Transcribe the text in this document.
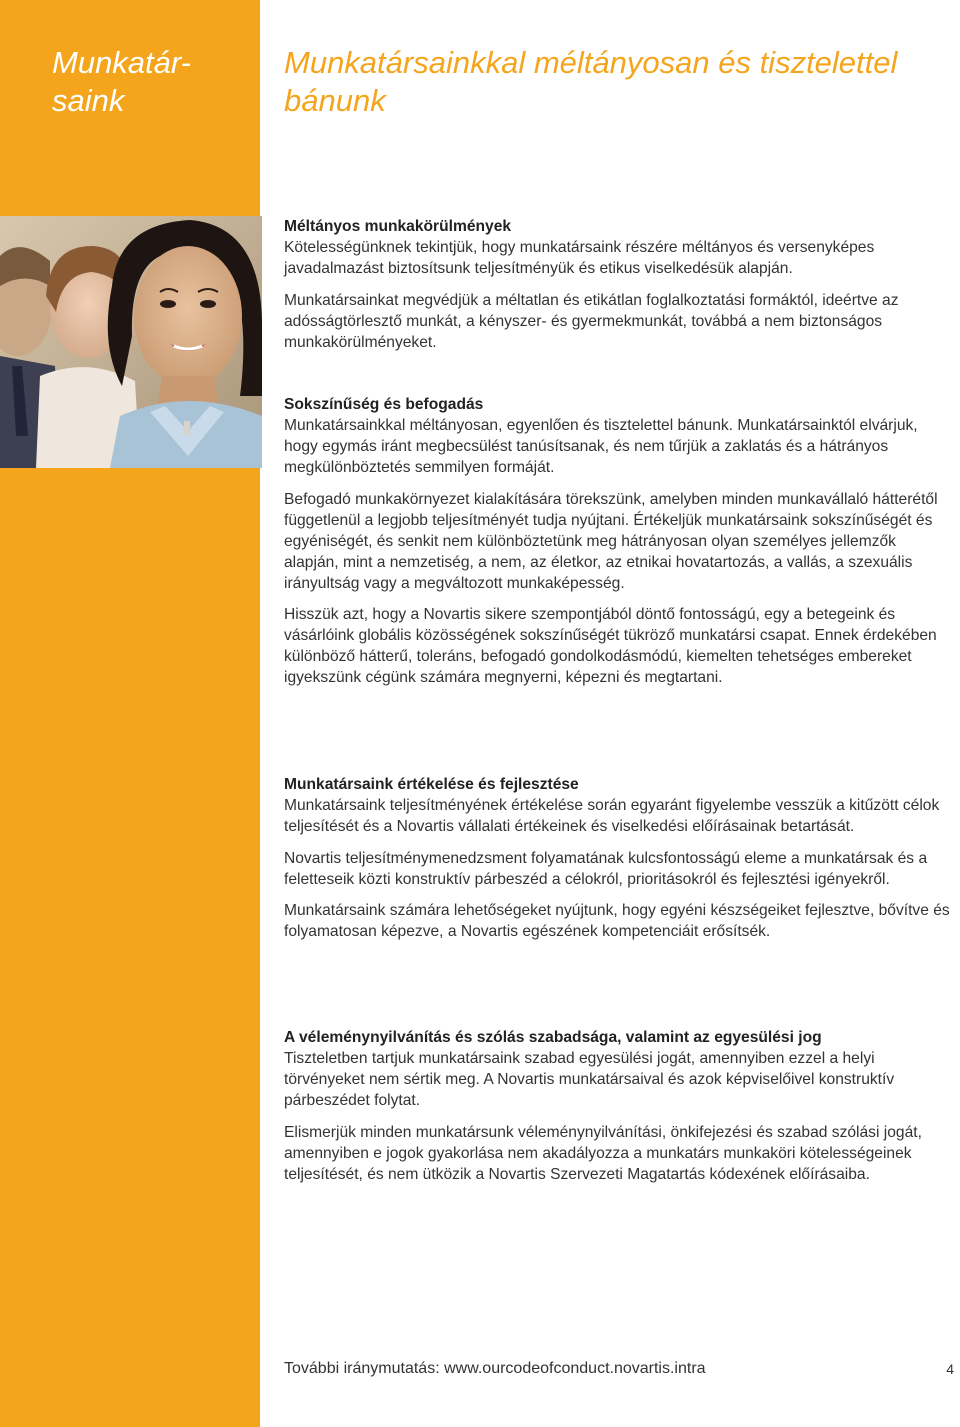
Munkatár-saink
Munkatársainkkal méltányosan és tisztelettel bánunk
Méltányos munkakörülmények

Kötelességünknek tekintjük, hogy munkatársaink részére méltányos és versenyképes javadalmazást biztosítsunk teljesítményük és etikus viselkedésük alapján.

Munkatársainkat megvédjük a méltatlan és etikátlan foglalkoztatási formáktól, ideértve az adósságtörlesztő munkát, a kényszer- és gyermekmunkát, továbbá a nem biztonságos munkakörülményeket.

Sokszínűség és befogadás

Munkatársainkkal méltányosan, egyenlően és tisztelettel bánunk. Munkatársainktól elvárjuk, hogy egymás iránt megbecsülést tanúsítsanak, és nem tűrjük a zaklatás és a hátrányos megkülönböztetés semmilyen formáját.

Befogadó munkakörnyezet kialakítására törekszünk, amelyben minden munkavállaló hátterétől függetlenül a legjobb teljesítményét tudja nyújtani. Értékeljük munkatársaink sokszínűségét és egyéniségét, és senkit nem különböztetünk meg hátrányosan olyan személyes jellemzők alapján, mint a nemzetiség, a nem, az életkor, az etnikai hovatartozás, a vallás, a szexuális irányultság vagy a megváltozott munkaképesség.

Hisszük azt, hogy a Novartis sikere szempontjából döntő fontosságú, egy a betegeink és vásárlóink globális közösségének sokszínűségét tükröző munkatársi csapat. Ennek érdekében különböző hátterű, toleráns, befogadó gondolkodásmódú, kiemelten tehetséges embereket igyekszünk cégünk számára megnyerni, képezni és megtartani.

Munkatársaink értékelése és fejlesztése

Munkatársaink teljesítményének értékelése során egyaránt figyelembe vesszük a kitűzött célok teljesítését és a Novartis vállalati értékeinek és viselkedési előírásainak betartását.

Novartis teljesítménymenedzsment folyamatának kulcsfontosságú eleme a munkatársak és a feletteseik közti konstruktív párbeszéd a célokról, prioritásokról és fejlesztési igényekről.

Munkatársaink számára lehetőségeket nyújtunk, hogy egyéni készségeiket fejlesztve, bővítve és folyamatosan képezve, a Novartis egészének kompetenciáit erősítsék.

A véleménynyilvánítás és szólás szabadsága, valamint az egyesülési jog

Tiszteletben tartjuk munkatársaink szabad egyesülési jogát, amennyiben ezzel a helyi törvényeket nem sértik meg. A Novartis munkatársaival és azok képviselőivel konstruktív párbeszédet folytat.

Elismerjük minden munkatársunk véleménynyilvánítási, önkifejezési és szabad szólási jogát, amennyiben e jogok gyakorlása nem akadályozza a munkatárs munkaköri kötelességeinek teljesítését, és nem ütközik a Novartis Szervezeti Magatartás kódexének előírásaiba.

További iránymutatás: www.ourcodeofconduct.novartis.intra	4
